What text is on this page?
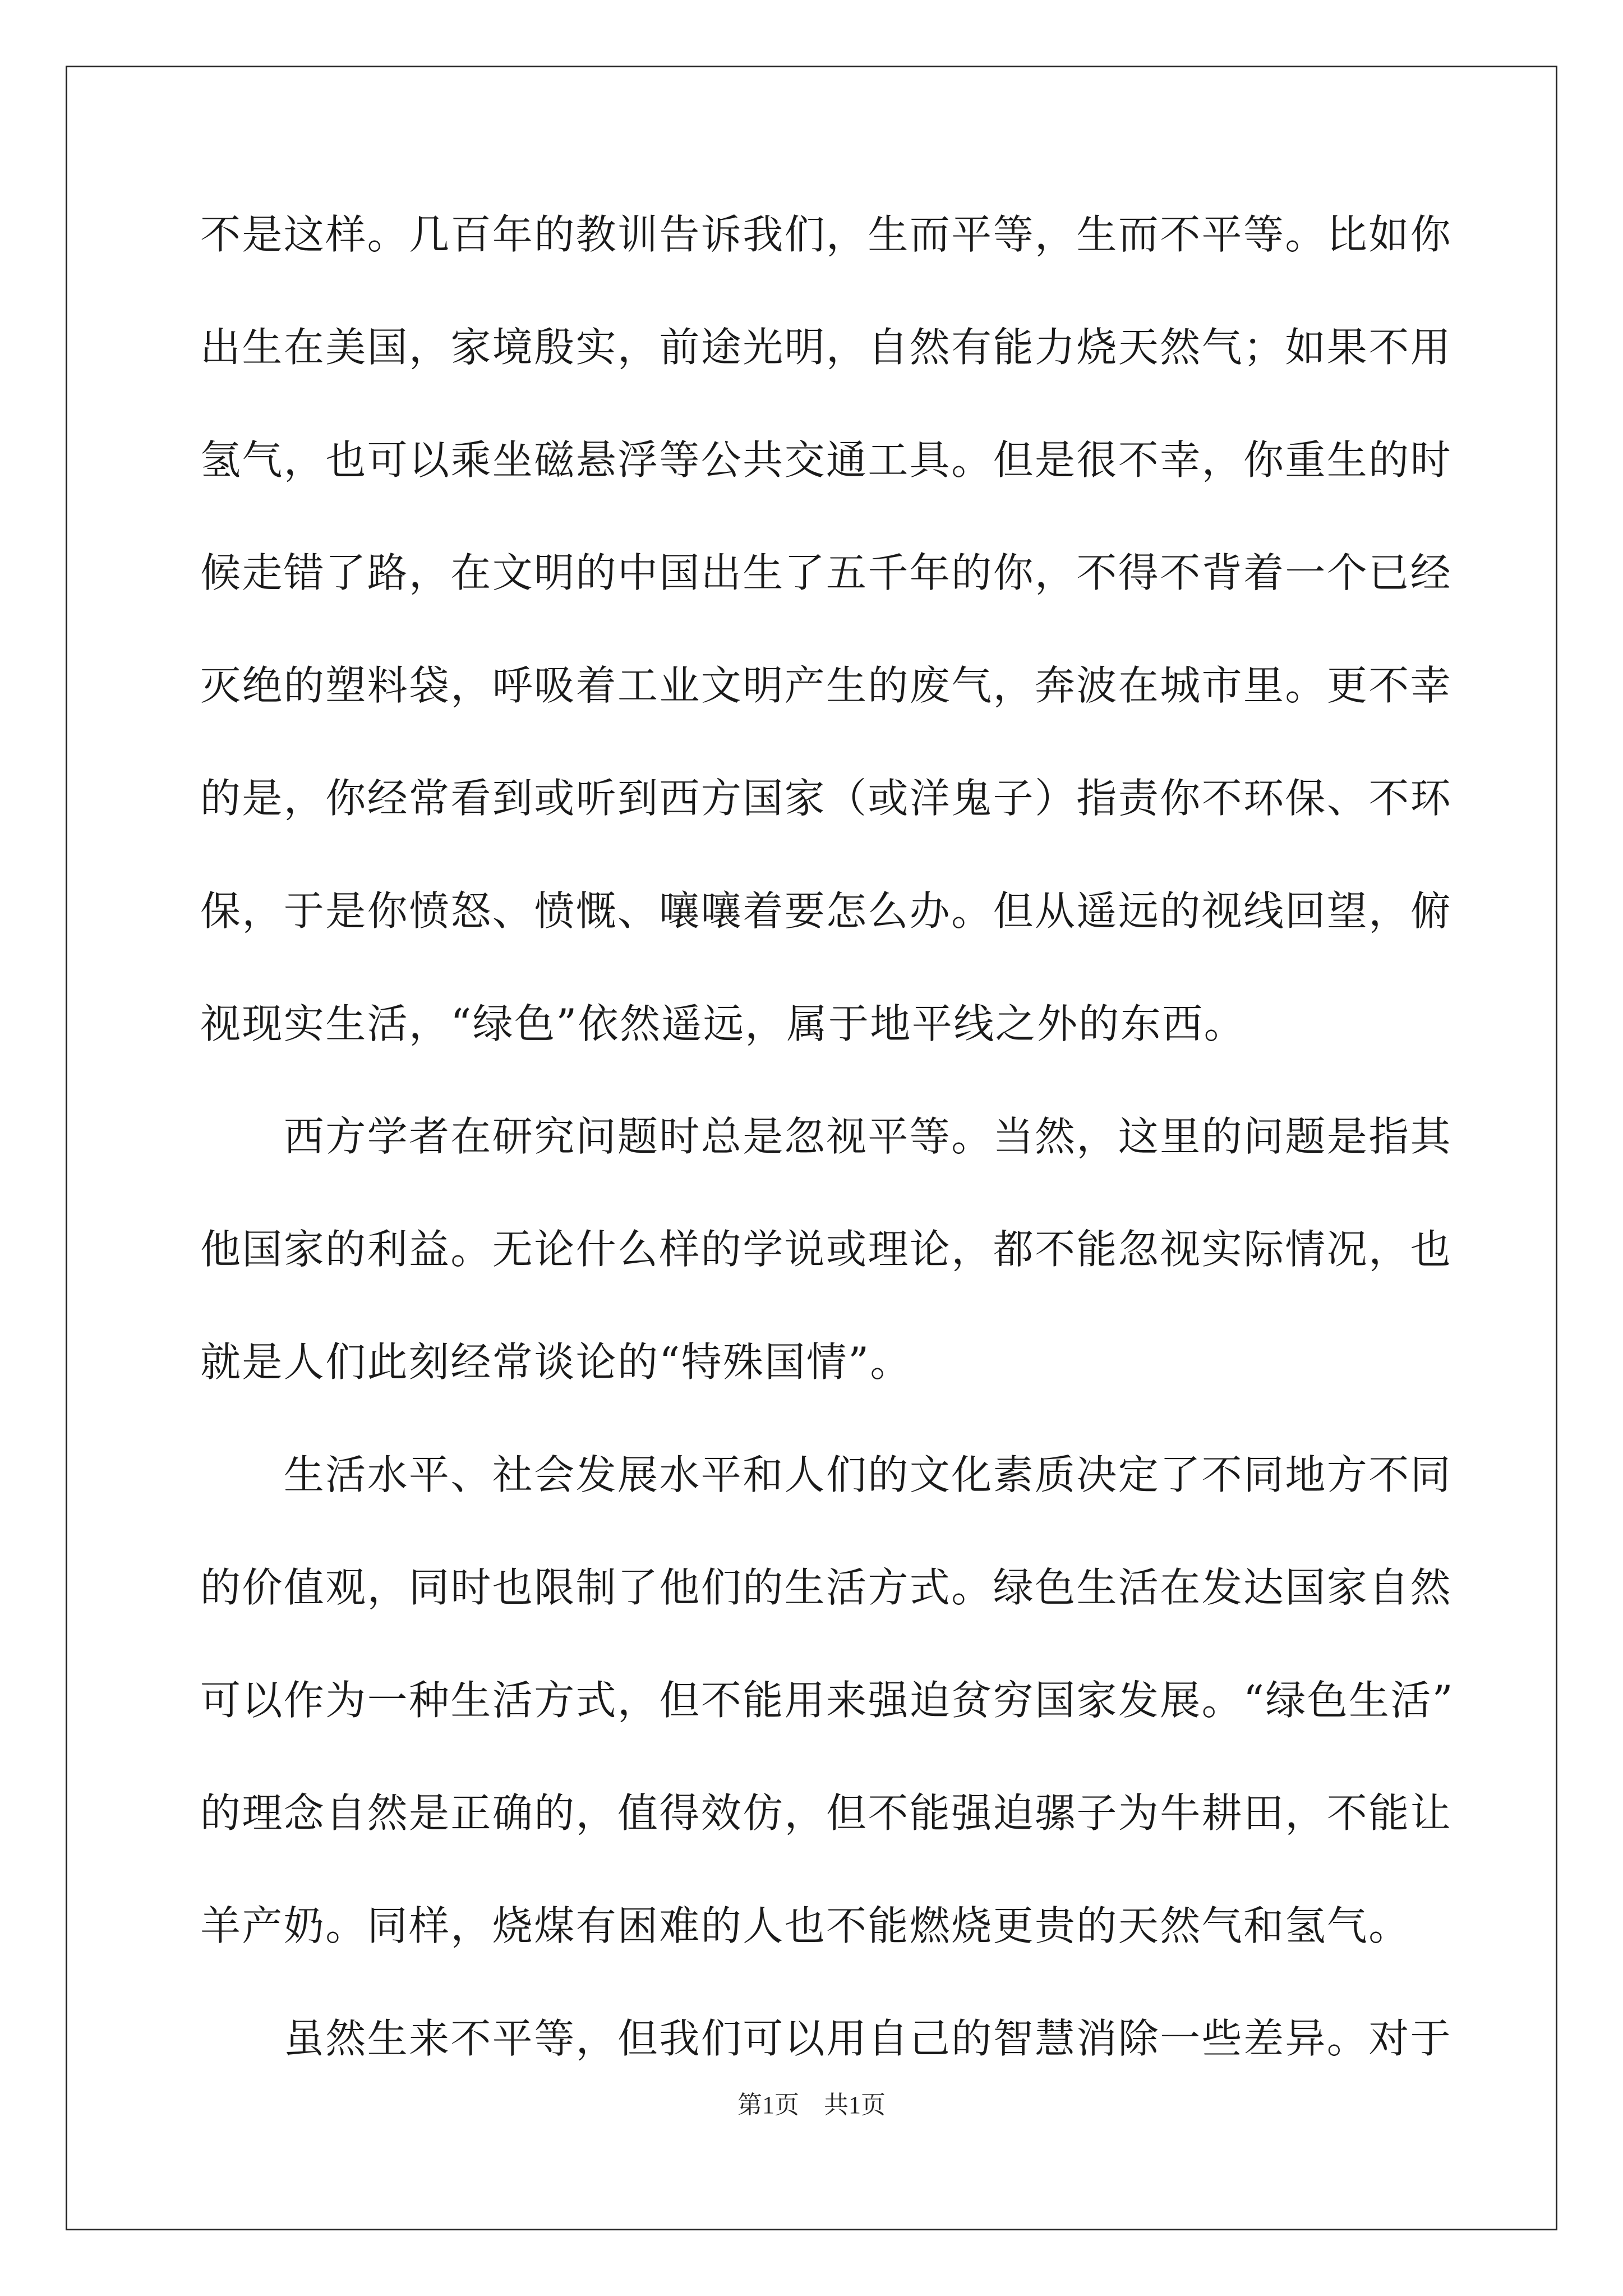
不是这样。几百年的教训告诉我们，生而平等，生而不平等。比如你
出生在美国，家境殷实，前途光明，自然有能力烧天然气；如果不用
氢气，也可以乘坐磁悬浮等公共交通工具。但是很不幸，你重生的时
候走错了路，在文明的中国出生了五千年的你，不得不背着一个已经
灭绝的塑料袋，呼吸着工业文明产生的废气，奔波在城市里。更不幸
的是，你经常看到或听到西方国家（或洋鬼子）指责你不环保、不环
保，于是你愤怒、愤慨、嚷嚷着要怎么办。但从遥远的视线回望，俯
视现实生活，“绿色”依然遥远，属于地平线之外的东西。
　　西方学者在研究问题时总是忽视平等。当然，这里的问题是指其
他国家的利益。无论什么样的学说或理论，都不能忽视实际情况，也
就是人们此刻经常谈论的“特殊国情”。
　　生活水平、社会发展水平和人们的文化素质决定了不同地方不同
的价值观，同时也限制了他们的生活方式。绿色生活在发达国家自然
可以作为一种生活方式，但不能用来强迫贫穷国家发展。“绿色生活”
的理念自然是正确的，值得效仿，但不能强迫骡子为牛耕田，不能让
羊产奶。同样，烧煤有困难的人也不能燃烧更贵的天然气和氢气。
　　虽然生来不平等，但我们可以用自己的智慧消除一些差异。对于
第1页　共1页
